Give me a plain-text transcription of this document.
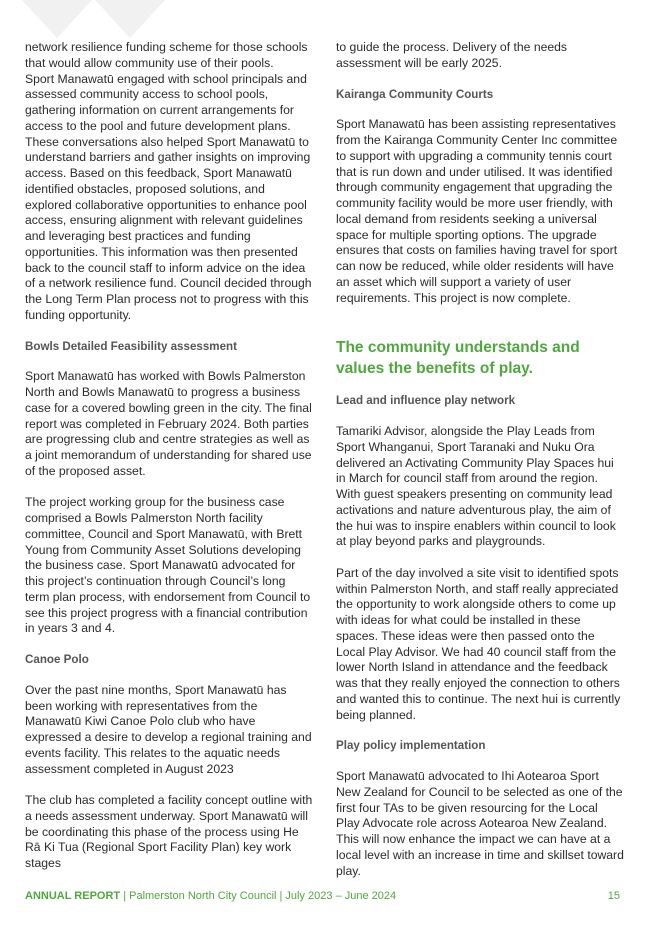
network resilience funding scheme for those schools that would allow community use of their pools.

Sport Manawatū engaged with school principals and assessed community access to school pools, gathering information on current arrangements for access to the pool and future development plans. These conversations also helped Sport Manawatū to understand barriers and gather insights on improving access. Based on this feedback, Sport Manawatū identified obstacles, proposed solutions, and explored collaborative opportunities to enhance pool access, ensuring alignment with relevant guidelines and leveraging best practices and funding opportunities. This information was then presented back to the council staff to inform advice on the idea of a network resilience fund. Council decided through the Long Term Plan process not to progress with this funding opportunity.

Bowls Detailed Feasibility assessment

Sport Manawatū has worked with Bowls Palmerston North and Bowls Manawatū to progress a business case for a covered bowling green in the city. The final report was completed in February 2024. Both parties are progressing club and centre strategies as well as a joint memorandum of understanding for shared use of the proposed asset.

The project working group for the business case comprised a Bowls Palmerston North facility committee, Council and Sport Manawatū, with Brett Young from Community Asset Solutions developing the business case. Sport Manawatū advocated for this project’s continuation through Council’s long term plan process, with endorsement from Council to see this project progress with a financial contribution in years 3 and 4.

Canoe Polo

Over the past nine months, Sport Manawatū has been working with representatives from the Manawatū Kiwi Canoe Polo club who have expressed a desire to develop a regional training and events facility. This relates to the aquatic needs assessment completed in August 2023

The club has completed a facility concept outline with a needs assessment underway. Sport Manawatū will be coordinating this phase of the process using He Rā Ki Tua (Regional Sport Facility Plan) key work stages

to guide the process. Delivery of the needs assessment will be early 2025.

Kairanga Community Courts

Sport Manawatū has been assisting representatives from the Kairanga Community Center Inc committee to support with upgrading a community tennis court that is run down and under utilised. It was identified through community engagement that upgrading the community facility would be more user friendly, with local demand from residents seeking a universal space for multiple sporting options. The upgrade ensures that costs on families having travel for sport can now be reduced, while older residents will have an asset which will support a variety of user requirements. This project is now complete.

The community understands and values the benefits of play.
Lead and influence play network

Tamariki Advisor, alongside the Play Leads from Sport Whanganui, Sport Taranaki and Nuku Ora delivered an Activating Community Play Spaces hui in March for council staff from around the region. With guest speakers presenting on community lead activations and nature adventurous play, the aim of the hui was to inspire enablers within council to look at play beyond parks and playgrounds.

Part of the day involved a site visit to identified spots within Palmerston North, and staff really appreciated the opportunity to work alongside others to come up with ideas for what could be installed in these spaces. These ideas were then passed onto the Local Play Advisor. We had 40 council staff from the lower North Island in attendance and the feedback was that they really enjoyed the connection to others and wanted this to continue. The next hui is currently being planned.

Play policy implementation

Sport Manawatū advocated to Ihi Aotearoa Sport New Zealand for Council to be selected as one of the first four TAs to be given resourcing for the Local Play Advocate role across Aotearoa New Zealand. This will now enhance the impact we can have at a local level with an increase in time and skillset toward play.

ANNUAL REPORT | Palmerston North City Council | July 2023 – June 2024	15
